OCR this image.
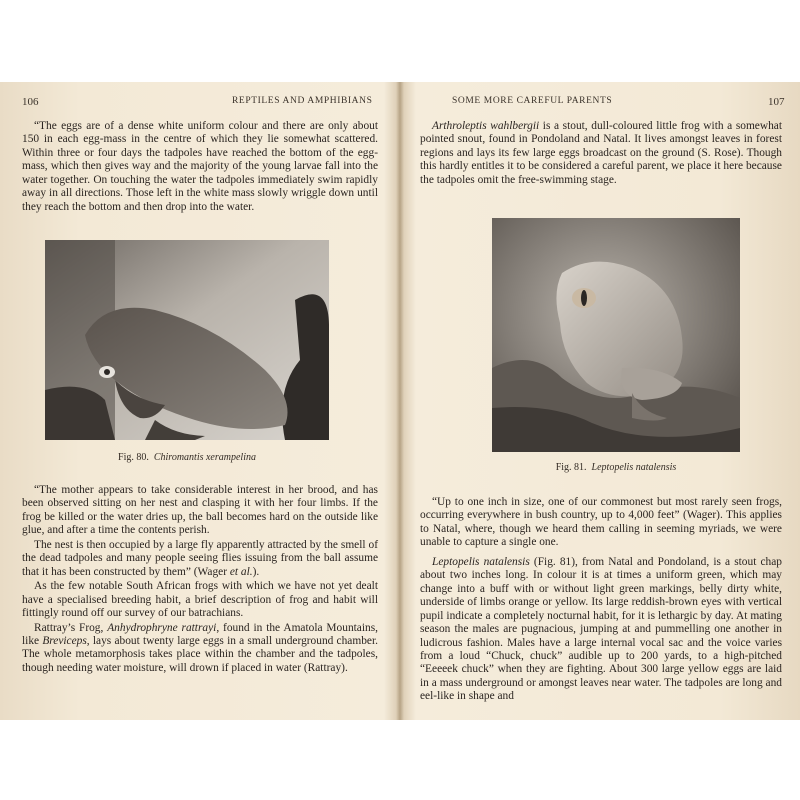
106	REPTILES AND AMPHIBIANS

“The eggs are of a dense white uniform colour and there are only about 150 in each egg-mass in the centre of which they lie somewhat scattered. Within three or four days the tadpoles have reached the bottom of the egg-mass, which then gives way and the majority of the young larvae fall into the water together. On touching the water the tadpoles immediately swim rapidly away in all directions. Those left in the white mass slowly wriggle down until they reach the bottom and then drop into the water.

Fig. 80. Chiromantis xerampelina

“The mother appears to take considerable interest in her brood, and has been observed sitting on her nest and clasping it with her four limbs. If the frog be killed or the water dries up, the ball becomes hard on the outside like glue, and after a time the contents perish.

The nest is then occupied by a large fly apparently attracted by the smell of the dead tadpoles and many people seeing flies issuing from the ball assume that it has been constructed by them” (Wager et al.).

As the few notable South African frogs with which we have not yet dealt have a specialised breeding habit, a brief description of frog and habit will fittingly round off our survey of our batrachians.

Rattray’s Frog, Anhydrophryne rattrayi, found in the Amatola Mountains, like Breviceps, lays about twenty large eggs in a small underground chamber. The whole metamorphosis takes place within the chamber and the tadpoles, though needing water moisture, will drown if placed in water (Rattray).

SOME MORE CAREFUL PARENTS	107

Arthroleptis wahlbergii is a stout, dull-coloured little frog with a somewhat pointed snout, found in Pondoland and Natal. It lives amongst leaves in forest regions and lays its few large eggs broadcast on the ground (S. Rose). Though this hardly entitles it to be considered a careful parent, we place it here because the tadpoles omit the free-swimming stage.

Fig. 81. Leptopelis natalensis

“Up to one inch in size, one of our commonest but most rarely seen frogs, occurring everywhere in bush country, up to 4,000 feet” (Wager). This applies to Natal, where, though we heard them calling in seeming myriads, we were unable to capture a single one.

Leptopelis natalensis (Fig. 81), from Natal and Pondoland, is a stout chap about two inches long. In colour it is at times a uniform green, which may change into a buff with or without light green markings, belly dirty white, underside of limbs orange or yellow. Its large reddish-brown eyes with vertical pupil indicate a completely nocturnal habit, for it is lethargic by day. At mating season the males are pugnacious, jumping at and pummelling one another in ludicrous fashion. Males have a large internal vocal sac and the voice varies from a loud “Chuck, chuck” audible up to 200 yards, to a high-pitched “Eeeeek chuck” when they are fighting. About 300 large yellow eggs are laid in a mass underground or amongst leaves near water. The tadpoles are long and eel-like in shape and
